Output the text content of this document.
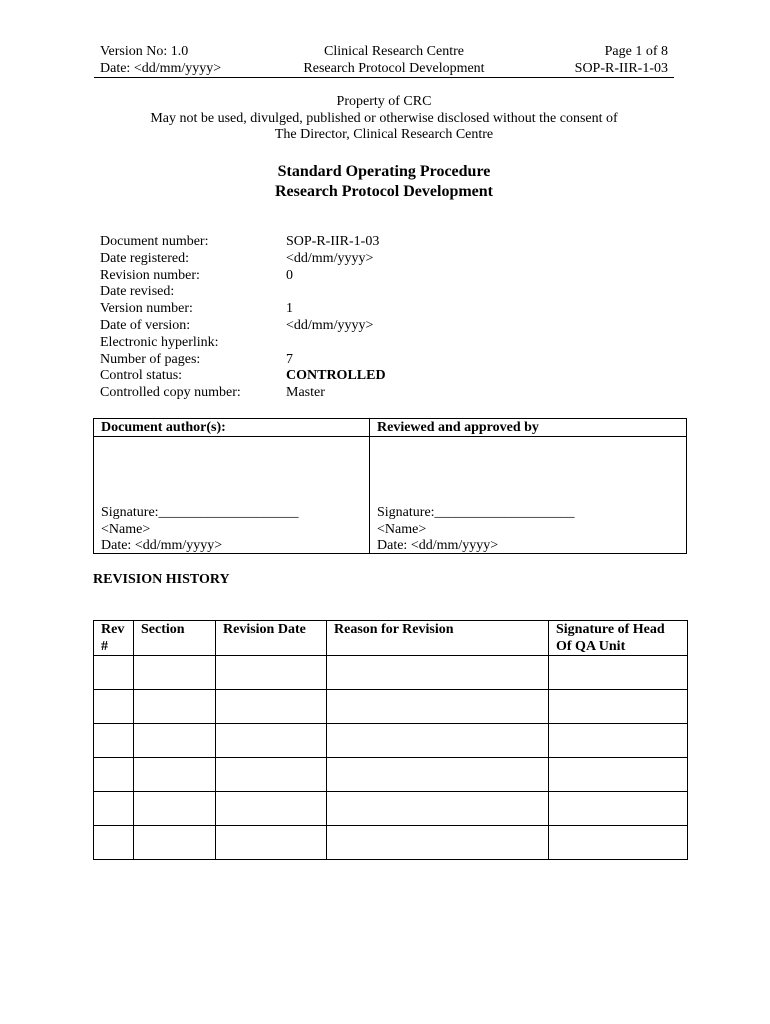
Version No: 1.0
Date: <dd/mm/yyyy>
Clinical Research Centre
Research Protocol Development
Page 1 of 8
SOP-R-IIR-1-03
Property of CRC
May not be used, divulged, published or otherwise disclosed without the consent of
The Director, Clinical Research Centre
Standard Operating Procedure
Research Protocol Development
Document number:	SOP-R-IIR-1-03
Date registered:	<dd/mm/yyyy>
Revision number:	0
Date revised:
Version number:	1
Date of version:	<dd/mm/yyyy>
Electronic hyperlink:
Number of pages:	7
Control status:	CONTROLLED
Controlled copy number:	Master
Document author(s):	Reviewed and approved by
Signature:____________________
<Name>
Date: <dd/mm/yyyy>
Signature:____________________
<Name>
Date: <dd/mm/yyyy>
REVISION HISTORY
Rev #	Section	Revision Date	Reason for Revision	Signature of Head Of QA Unit
